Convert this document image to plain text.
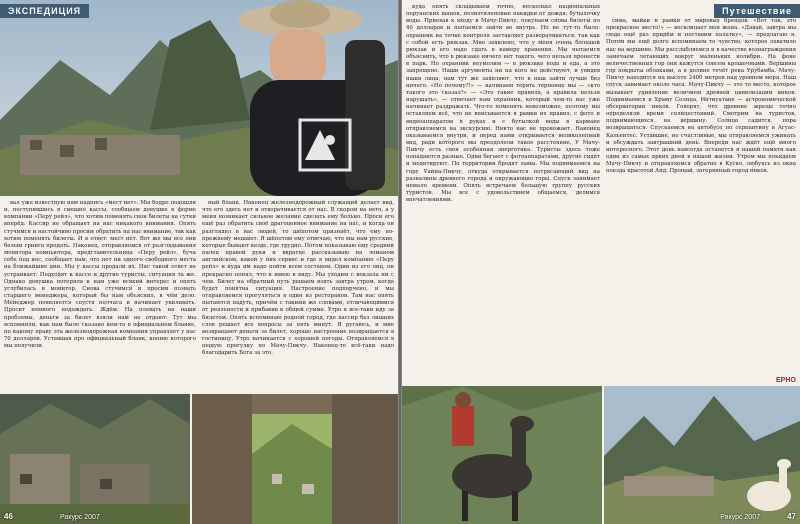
ЭКСПЕДИЦИЯ

вал уже известную нам надпись «мест нет». Мы бодро подошли и, поступившись в смешно кассы, сообщаем девушке в форме компании «Перу рейл», что хотим поменять свои билеты на сутки вперёд. Кассир не обращает на нас никакого внимания. Опять стучимся и настойчиво просим обратить на нас внимание, так как хотим поменять билеты. И в ответ: мест нет. Вот же мы все они белым гринго продать. Наконец, отправляемся от разглядывания монитора компьютера, представительница «Перу рейл», буча себе под нос, сообщает нам, что нет ни одного свободного места на ближайшие дни. Мы у кассы продали их. Нас такой ответ не устраивает. Подходят к кассе и другие туристы, ситуация та же. Однако девушка потеряла к нам уже всякий интерес и опять углубилась в монитор. Снова стучимся и просим позвать старшего менеджера, который бы нам объяснил, в чём дело. Менеджер появляется спустя полчаса и начинает увиливать. Просит немного подождать. Ждём. На плевать на наши проблемы, деньги за билет взяли нам не отдают. Тут мы вспомнили, как нам было сказано кем-то в официальном бланке, по какому праву эта железнодорожная компания управляет у нас 70 долларов. Уставшая про официальный бланк, копию которого мы получили.

ный бланк. Наконец железнодорожный служащий делает вид, что его здесь нет и отворачивается от нас. В скором на него, а у меня возникает сильное желание сделать ему больно. Проси его ещё раз обратить своё драгоценное внимание на нас, и когда он разглядел в нас людей, то шёпотом признаёт, что ему по-прежнему мешают. Я шёпотом ему отвечаю, что мы нам русские, которые бывают везде, где трудно. Потом показываю ему средний палец правой руки и вкратце рассказываю на ломаном английском, какой у них сервис и где я видел компанию «Перу рейл» и куда им надо пойти всем составом. Один из его лиц, он прекрасно понял, что я имею в виду. Мы уходим с вокзала ни с чем. Билет на обратный путь решаем взять завтра утром, когда будет понятна ситуация. Настроение подпорчено, и мы отправляемся прогуляться в один из ресторанов. Там нас опять пытаются надуть, причём с такими же словами, отличающимися от реальности и прибавив к общей сумме. Утро я все-таки иду за билетом. Опять вспоминаю родной город, где кассир без лишних слов решает все вопросы за пять минут. Я ругаюсь, и мне возвращают деньги за билет, хорошо настроение возвращается в гостиницу. Утро начинается с хорошей погоды. Отправляемся в пешую прогулку по Мачу-Пикчу. Наконец-то всё-таки надо благодарить Бога за это.

46	Ракурс 2007
Путешествие

куда опять складываем точно, несколько национальных перуанских шапок, полиэтиленовые накидки от дождя, бутылочку воды. Приехав к входу в Мачу-Пикчу, покупаем снова билеты по 40 долларов и пытаемся зайти во внутрь. Но не тут-то было: охранник на точке контроля заставляет разворачиваться, так как с собой есть рюкзак. Мне заявлено, что у меня очень большой рюкзак и его надо сдать в камеру хранения. Мы пытаемся объяснить, что в рюкзаке ничего нет такого, чего нельзя пронести в парк. Но охранник неумолим — в рюкзаке вода и еда, а это запрещено. Наши аргументы ни на кого не действуют, и увидев наши лица, нам тут же заявляют, что в наш зайти лучше без ничего. «Но почему?!» — начинаем терять терпение мы — «кто такого это сказал?» — «Это такие правила, а правила нельзя нарушать», — отвечает нам охранник, который чем-то нас уже начинает раздражать. Что-то поменять невозможно, поэтому мы оставляем всё, что не вписывается в рамки их правил, с фото и видеоаппаратом в руках и с бутылкой воды в кармане отправляемся на экскурсию. Никто нас не провожает. Наконец оказываемся внутри, и перед нами открывается великолепный вид, ради которого мы преодолели такое расстояние. У Мачу-Пикчу есть своя особенная энергетика. Туристы здесь тоже попадаются разные. Одни бегают с фотоаппаратами, другие сидят и медитируют. По территории бродят ламы. Мы поднимаемся на гору Уайна-Пикчу, откуда открывается потрясающий вид на развалины древнего города и окружающие горы. Спуск занимает немало времени. Опять встречаем большую группу русских туристов. Мы все с удовольствием общаемся, делимся впечатлениями.

сима, майки и рамки от мировых брендов. «Вот так, это прекрасное место!» — восклицает моя жена. «Давай, завтра мы сюда ещё раз придём и поставим палатку», — предлагаю я. Потом мы ещё долго вспоминаем то чувство, которое охватило нас на вершине. Мы расслабляемся и в качестве вознаграждения замечаем летающих вокруг маленьких колибри. На фоне величественных гор они кажутся совсем крошечными. Вершины гор покрыты облаками, а в долине течёт река Урубамба. Мачу-Пикчу находится на высоте 2400 метров над уровнем моря. Наш спуск занимает около часа. Мачу-Пикчу — это то место, которое вызывает удивление величием древней цивилизации инков. Поднимаемся к Храму Солнца, Интиуатане — астрономической обсерватории инков. Говорят, что древние жрецы точно определяли время солнцестояний. Смотрим на туристов, поднимающихся на вершину. Солнце садится, пора возвращаться. Спускаемся на автобусе по серпантину в Агуас-Кальентес. Уставшие, но счастливые, мы отправляемся ужинать и обсуждать завтрашний день. Впереди нас ждёт ещё много интересного. Этот день навсегда останется в нашей памяти как один из самых ярких дней в нашей жизни. Утром мы покидаем Мачу-Пикчу и отправляемся обратно в Куско, любуясь из окна поезда красотой Анд. Прощай, затерянный город инков.

ЕРНО
Ракурс 2007	47
